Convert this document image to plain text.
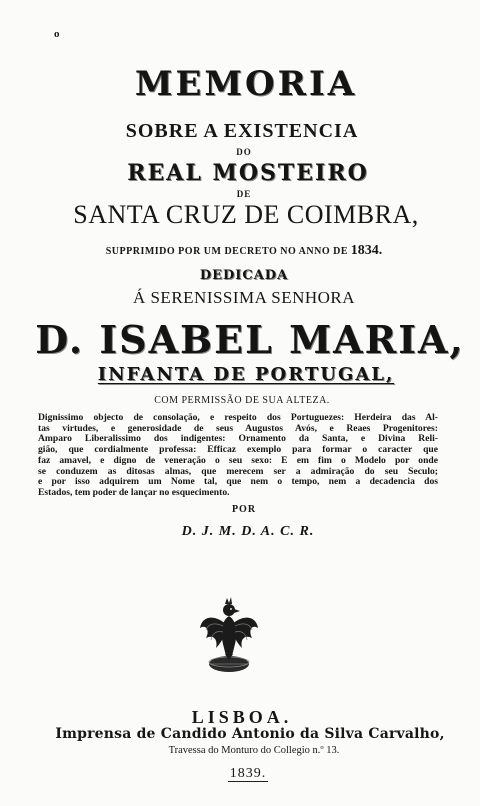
o
MEMORIA
SOBRE A EXISTENCIA
DO
REAL MOSTEIRO
DE
SANTA CRUZ DE COIMBRA,
SUPPRIMIDO POR UM DECRETO NO ANNO DE 1834.
DEDICADA
Á SERENISSIMA SENHORA
D. ISABEL MARIA,
INFANTA DE PORTUGAL,
COM PERMISSÃO DE SUA ALTEZA.
Dignissimo objecto de consolação, e respeito dos Portuguezes: Herdeira das Al-
tas virtudes, e generosidade de seus Augustos Avós, e Reaes Progenitores:
Amparo Liberalissimo dos indigentes: Ornamento da Santa, e Divina Reli-
gião, que cordialmente professa: Efficaz exemplo para formar o caracter que
faz amavel, e digno de veneração o seu sexo: E em fim o Modelo por onde
se conduzem as ditosas almas, que merecem ser a admiração do seu Seculo;
e por isso adquirem um Nome tal, que nem o tempo, nem a decadencia dos
Estados, tem poder de lançar no esquecimento.
POR
D. J. M. D. A. C. R.
LISBOA.
Imprensa de Candido Antonio da Silva Carvalho,
Travessa do Monturo do Collegio n.º 13.
1839.
